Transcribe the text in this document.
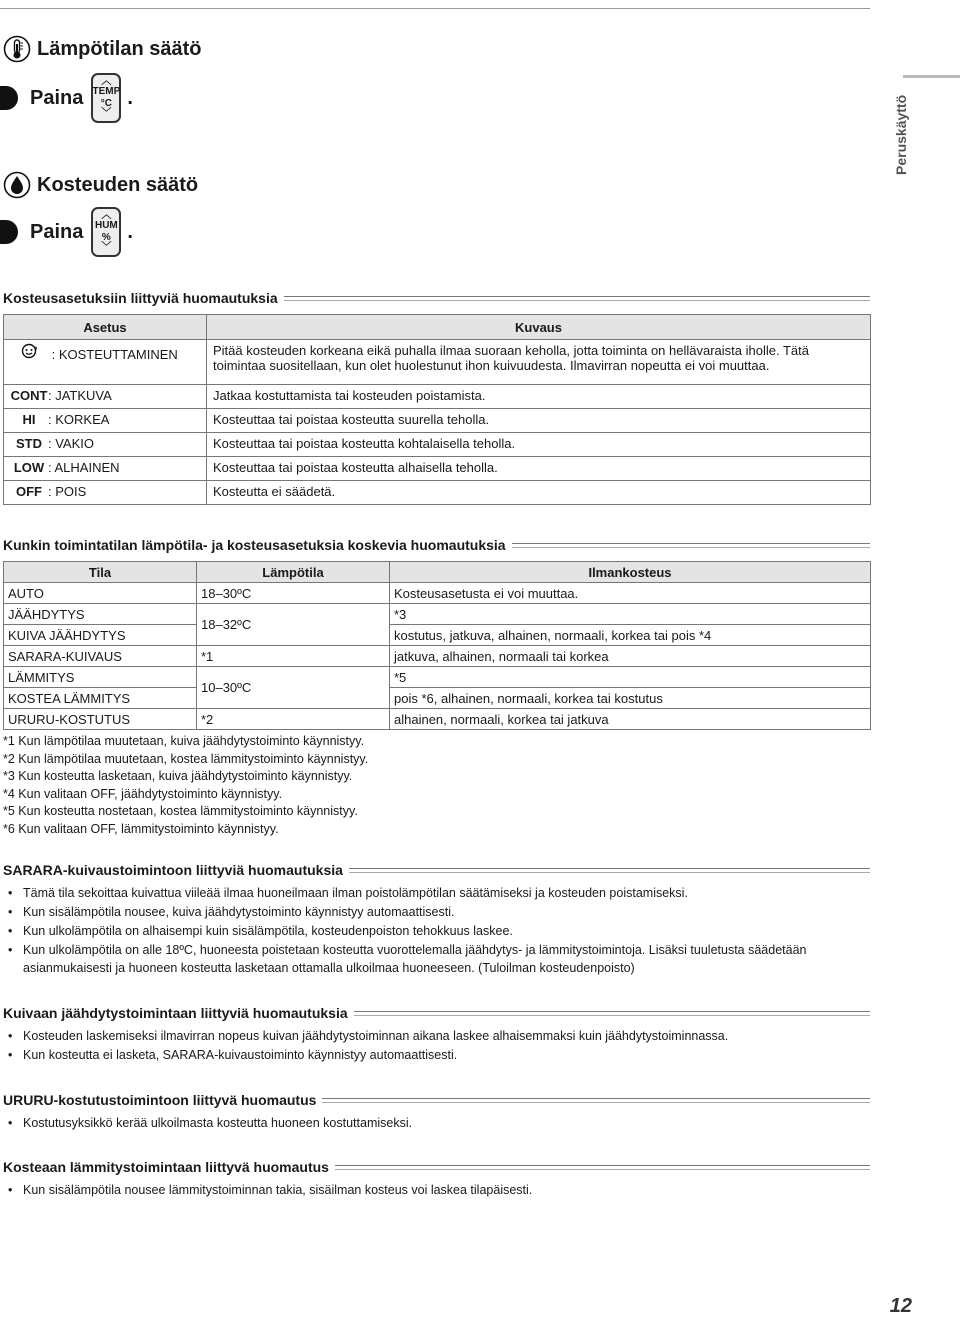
Peruskäyttö
Lämpötilan säätö
Paina
︿
TEMP
°C
﹀
.
Kosteuden säätö
Paina
︿
HUM
%
﹀
.
Kosteusasetuksiin liittyviä huomautuksia
Asetus	Kuvaus
: KOSTEUTTAMINEN	Pitää kosteuden korkeana eikä puhalla ilmaa suoraan keholla, jotta toiminta on hellävaraista iholle. Tätä toimintaa suositellaan, kun olet huolestunut ihon kuivuudesta. Ilmavirran nopeutta ei voi muuttaa.
CONT: JATKUVA	Jatkaa kostuttamista tai kosteuden poistamista.
HI : KORKEA	Kosteuttaa tai poistaa kosteutta suurella teholla.
STD : VAKIO	Kosteuttaa tai poistaa kosteutta kohtalaisella teholla.
LOW : ALHAINEN	Kosteuttaa tai poistaa kosteutta alhaisella teholla.
OFF : POIS	Kosteutta ei säädetä.
Kunkin toimintatilan lämpötila- ja kosteusasetuksia koskevia huomautuksia
Tila	Lämpötila	Ilmankosteus
AUTO	18–30ºC	Kosteusasetusta ei voi muuttaa.
JÄÄHDYTYS	18–32ºC	*3
KUIVA JÄÄHDYTYS		kostutus, jatkuva, alhainen, normaali, korkea tai pois *4
SARARA-KUIVAUS	*1	jatkuva, alhainen, normaali tai korkea
LÄMMITYS	10–30ºC	*5
KOSTEA LÄMMITYS		pois *6, alhainen, normaali, korkea tai kostutus
URURU-KOSTUTUS	*2	alhainen, normaali, korkea tai jatkuva
*1 Kun lämpötilaa muutetaan, kuiva jäähdytystoiminto käynnistyy.
*2 Kun lämpötilaa muutetaan, kostea lämmitystoiminto käynnistyy.
*3 Kun kosteutta lasketaan, kuiva jäähdytystoiminto käynnistyy.
*4 Kun valitaan OFF, jäähdytystoiminto käynnistyy.
*5 Kun kosteutta nostetaan, kostea lämmitystoiminto käynnistyy.
*6 Kun valitaan OFF, lämmitystoiminto käynnistyy.
SARARA-kuivaustoimintoon liittyviä huomautuksia
• Tämä tila sekoittaa kuivattua viileää ilmaa huoneilmaan ilman poistolämpötilan säätämiseksi ja kosteuden poistamiseksi.
• Kun sisälämpötila nousee, kuiva jäähdytystoiminto käynnistyy automaattisesti.
• Kun ulkolämpötila on alhaisempi kuin sisälämpötila, kosteudenpoiston tehokkuus laskee.
• Kun ulkolämpötila on alle 18ºC, huoneesta poistetaan kosteutta vuorottelemalla jäähdytys- ja lämmitystoimintoja. Lisäksi tuuletusta säädetään asianmukaisesti ja huoneen kosteutta lasketaan ottamalla ulkoilmaa huoneeseen. (Tuloilman kosteudenpoisto)
Kuivaan jäähdytystoimintaan liittyviä huomautuksia
• Kosteuden laskemiseksi ilmavirran nopeus kuivan jäähdytystoiminnan aikana laskee alhaisemmaksi kuin jäähdytystoiminnassa.
• Kun kosteutta ei lasketa, SARARA-kuivaustoiminto käynnistyy automaattisesti.
URURU-kostutustoimintoon liittyvä huomautus
• Kostutusyksikkö kerää ulkoilmasta kosteutta huoneen kostuttamiseksi.
Kosteaan lämmitystoimintaan liittyvä huomautus
• Kun sisälämpötila nousee lämmitystoiminnan takia, sisäilman kosteus voi laskea tilapäisesti.
12
